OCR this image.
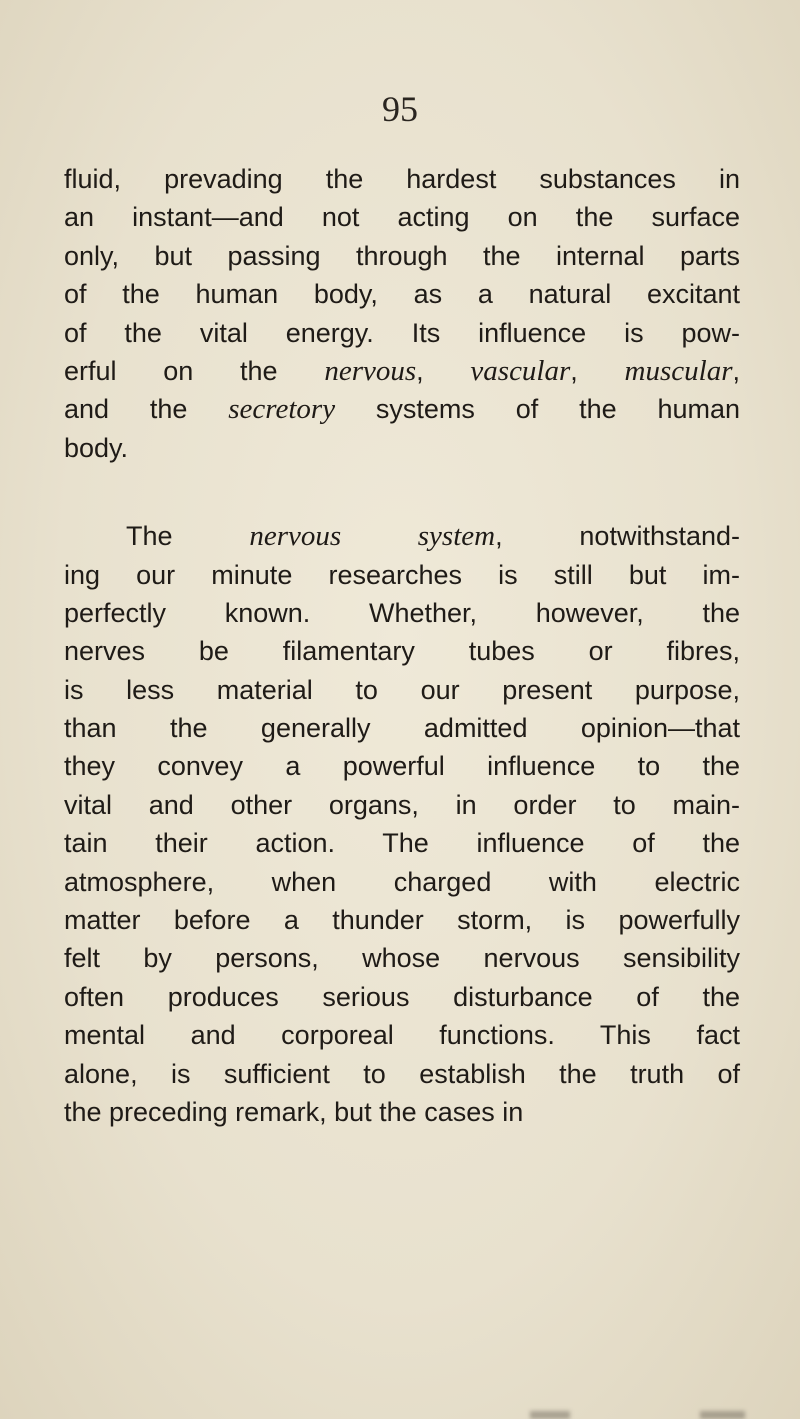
95
fluid, prevading the hardest substances in
an instant—and not acting on the surface
only, but passing through the internal parts
of the human body, as a natural excitant
of the vital energy. Its influence is pow-
erful on the nervous, vascular, muscular,
and the secretory systems of the human
body.
The nervous system, notwithstand-
ing our minute researches is still but im-
perfectly known. Whether, however, the
nerves be filamentary tubes or fibres,
is less material to our present purpose,
than the generally admitted opinion—that
they convey a powerful influence to the
vital and other organs, in order to main-
tain their action. The influence of the
atmosphere, when charged with electric
matter before a thunder storm, is powerfully
felt by persons, whose nervous sensibility
often produces serious disturbance of the
mental and corporeal functions. This fact
alone, is sufficient to establish the truth of
the preceding remark, but the cases in
